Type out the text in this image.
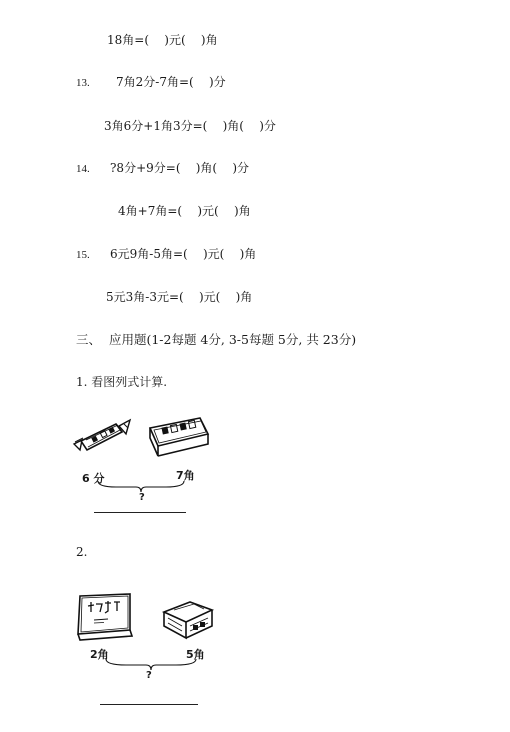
18角=(    )元(    )角
13. 7角2分-7角=(    )分
3角6分+1角3分=(    )角(    )分
14. ?8分+9分=(    )角(    )分
4角+7角=(    )元(    )角
15. 6元9角-5角=(    )元(    )角
5元3角-3元=(    )元(    )角
三、  应用题(1-2每题 4分, 3-5每题 5分, 共 23分)
1. 看图列式计算.
6 分	7角
?
2.
2角	5角
?
